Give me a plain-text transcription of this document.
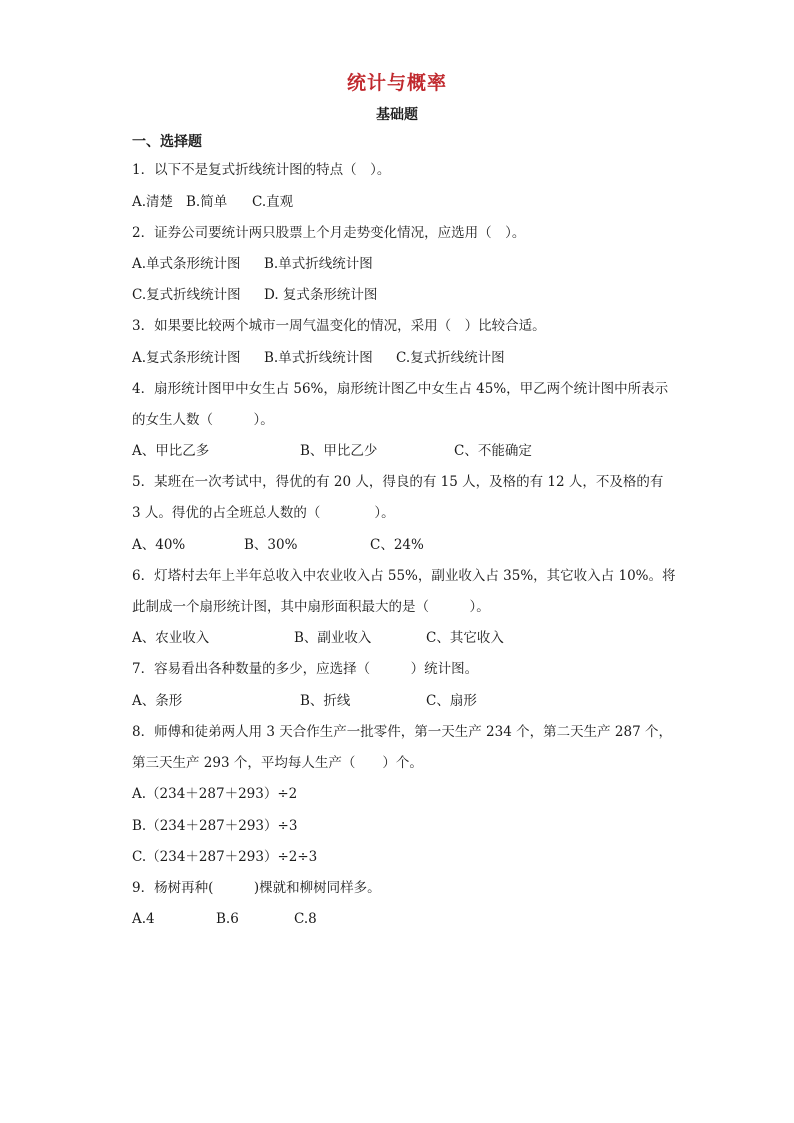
统计与概率
基础题
一、选择题
1．以下不是复式折线统计图的特点（　）。
A.清楚 B.简单 C.直观
2．证券公司要统计两只股票上个月走势变化情况，应选用（　）。
A.单式条形统计图 B.单式折线统计图
C.复式折线统计图 D. 复式条形统计图
3．如果要比较两个城市一周气温变化的情况，采用（　）比较合适。
A.复式条形统计图 B.单式折线统计图 C.复式折线统计图
4．扇形统计图甲中女生占 56%，扇形统计图乙中女生占 45%，甲乙两个统计图中所表示
的女生人数（　　　）。
A、甲比乙多	B、甲比乙少	C、不能确定
5．某班在一次考试中，得优的有 20 人，得良的有 15 人，及格的有 12 人，不及格的有
3 人。得优的占全班总人数的（　　　　）。
A、40%	B、30%	C、24%
6．灯塔村去年上半年总收入中农业收入占 55%，副业收入占 35%，其它收入占 10%。将
此制成一个扇形统计图，其中扇形面积最大的是（　　　）。
A、农业收入	B、副业收入	C、其它收入
7．容易看出各种数量的多少，应选择（　　　）统计图。
A、条形	B、折线	C、扇形
8．师傅和徒弟两人用 3 天合作生产一批零件，第一天生产 234 个，第二天生产 287 个，
第三天生产 293 个，平均每人生产（　　）个。
A.（234＋287＋293）÷2
B.（234＋287＋293）÷3
C.（234＋287＋293）÷2÷3
9．杨树再种(　　　)棵就和柳树同样多。
A.4	B.6	C.8
